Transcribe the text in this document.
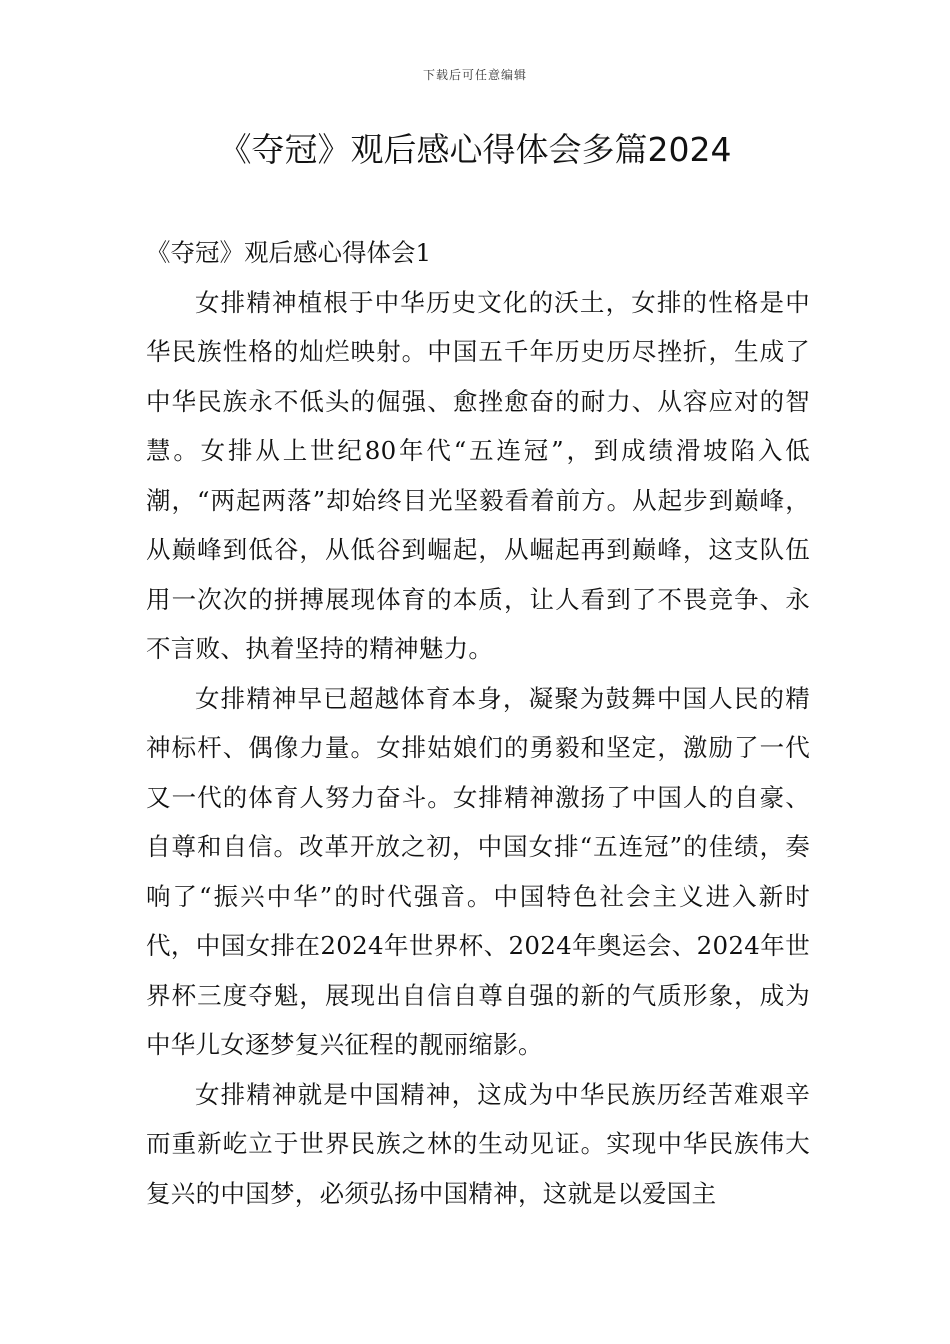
下载后可任意编辑
《夺冠》观后感心得体会多篇2024

《夺冠》观后感心得体会1

女排精神植根于中华历史文化的沃土，女排的性格是中华民族性格的灿烂映射。中国五千年历史历尽挫折，生成了中华民族永不低头的倔强、愈挫愈奋的耐力、从容应对的智慧。女排从上世纪80年代“五连冠”，到成绩滑坡陷入低潮，“两起两落”却始终目光坚毅看着前方。从起步到巅峰，从巅峰到低谷，从低谷到崛起，从崛起再到巅峰，这支队伍用一次次的拼搏展现体育的本质，让人看到了不畏竞争、永不言败、执着坚持的精神魅力。

女排精神早已超越体育本身，凝聚为鼓舞中国人民的精神标杆、偶像力量。女排姑娘们的勇毅和坚定，激励了一代又一代的体育人努力奋斗。女排精神激扬了中国人的自豪、自尊和自信。改革开放之初，中国女排“五连冠”的佳绩，奏响了“振兴中华”的时代强音。中国特色社会主义进入新时代，中国女排在2024年世界杯、2024年奥运会、2024年世界杯三度夺魁，展现出自信自尊自强的新的气质形象，成为中华儿女逐梦复兴征程的靓丽缩影。

女排精神就是中国精神，这成为中华民族历经苦难艰辛而重新屹立于世界民族之林的生动见证。实现中华民族伟大复兴的中国梦，必须弘扬中国精神，这就是以爱国主
